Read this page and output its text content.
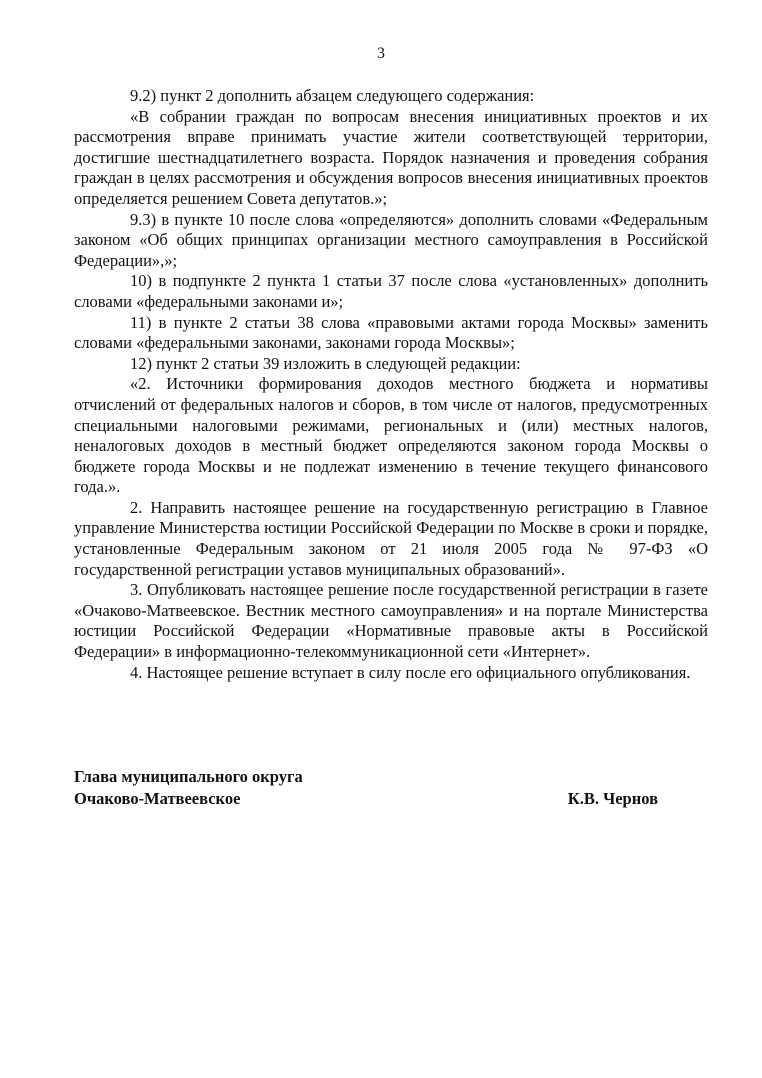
3

9.2) пункт 2 дополнить абзацем следующего содержания:

«В собрании граждан по вопросам внесения инициативных проектов и их рассмотрения вправе принимать участие жители соответствующей территории, достигшие шестнадцатилетнего возраста. Порядок назначения и проведения собрания граждан в целях рассмотрения и обсуждения вопросов внесения инициативных проектов определяется решением Совета депутатов.»;

9.3) в пункте 10 после слова «определяются» дополнить словами «Федеральным законом «Об общих принципах организации местного самоуправления в Российской Федерации»,»;

10) в подпункте 2 пункта 1 статьи 37 после слова «установленных» дополнить словами «федеральными законами и»;

11) в пункте 2 статьи 38 слова «правовыми актами города Москвы» заменить словами «федеральными законами, законами города Москвы»;

12) пункт 2 статьи 39 изложить в следующей редакции:

«2. Источники формирования доходов местного бюджета и нормативы отчислений от федеральных налогов и сборов, в том числе от налогов, предусмотренных специальными налоговыми режимами, региональных и (или) местных налогов, неналоговых доходов в местный бюджет определяются законом города Москвы о бюджете города Москвы и не подлежат изменению в течение текущего финансового года.».

2. Направить настоящее решение на государственную регистрацию в Главное управление Министерства юстиции Российской Федерации по Москве в сроки и порядке, установленные Федеральным законом от 21 июля 2005 года № 97-ФЗ «О государственной регистрации уставов муниципальных образований».

3. Опубликовать настоящее решение после государственной регистрации в газете «Очаково-Матвеевское. Вестник местного самоуправления» и на портале Министерства юстиции Российской Федерации «Нормативные правовые акты в Российской Федерации» в информационно-телекоммуникационной сети «Интернет».

4. Настоящее решение вступает в силу после его официального опубликования.

Глава муниципального округа
Очаково-Матвеевское	К.В. Чернов
